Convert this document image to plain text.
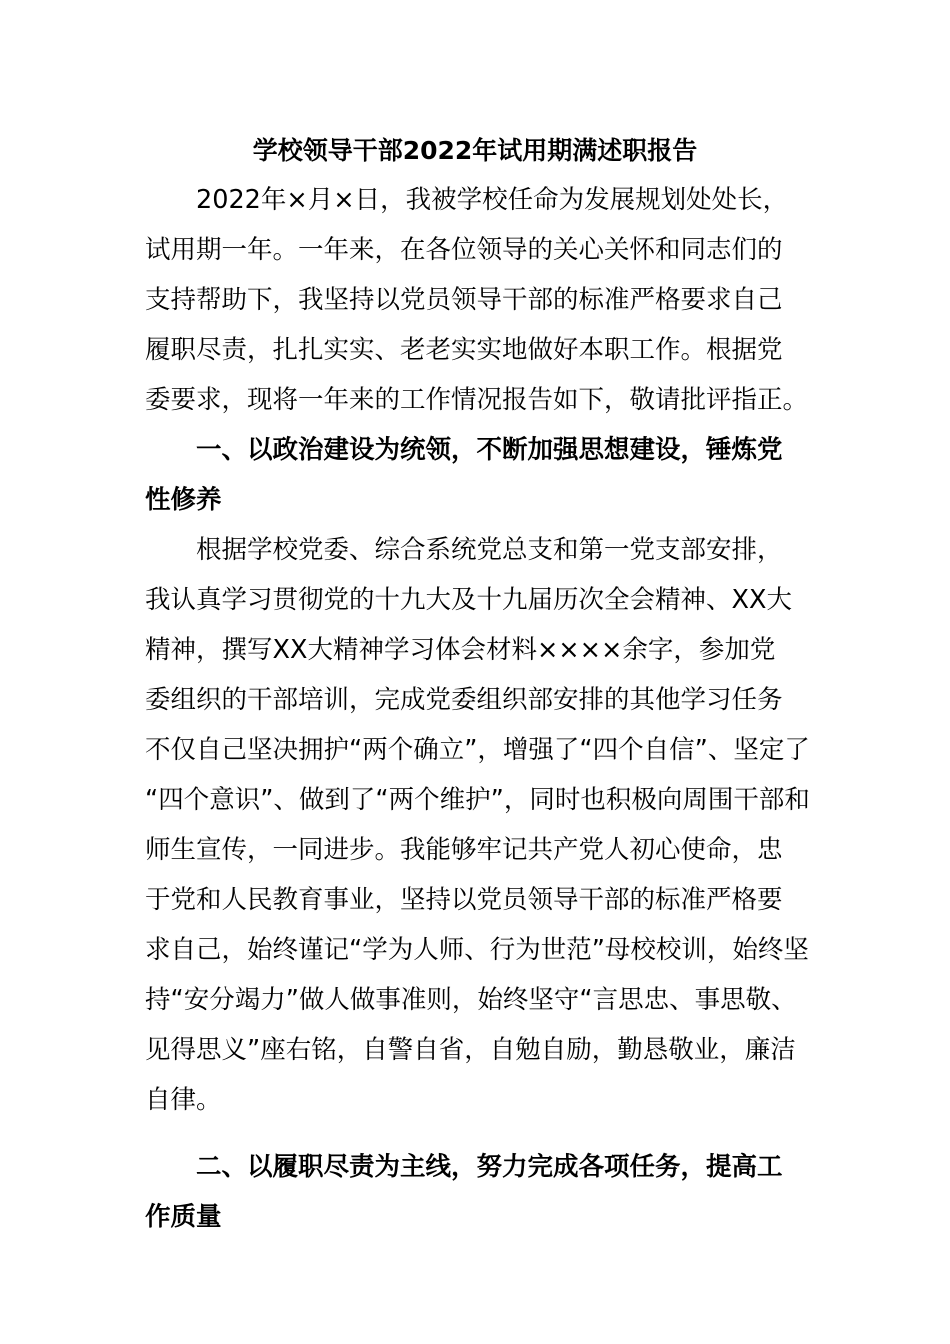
学校领导干部2022年试用期满述职报告
2022年×月×日，我被学校任命为发展规划处处长，
试用期一年。一年来，在各位领导的关心关怀和同志们的
支持帮助下，我坚持以党员领导干部的标准严格要求自己
履职尽责，扎扎实实、老老实实地做好本职工作。根据党
委要求，现将一年来的工作情况报告如下，敬请批评指正。
一、以政治建设为统领，不断加强思想建设，锤炼党
性修养
根据学校党委、综合系统党总支和第一党支部安排，
我认真学习贯彻党的十九大及十九届历次全会精神、XX大
精神，撰写XX大精神学习体会材料××××余字，参加党
委组织的干部培训，完成党委组织部安排的其他学习任务
不仅自己坚决拥护“两个确立”，增强了“四个自信”、坚定了
“四个意识”、做到了“两个维护”，同时也积极向周围干部和
师生宣传，一同进步。我能够牢记共产党人初心使命，忠
于党和人民教育事业，坚持以党员领导干部的标准严格要
求自己，始终谨记“学为人师、行为世范”母校校训，始终坚
持“安分竭力”做人做事准则，始终坚守“言思忠、事思敬、
见得思义”座右铭，自警自省，自勉自励，勤恳敬业，廉洁
自律。
二、以履职尽责为主线，努力完成各项任务，提高工
作质量
